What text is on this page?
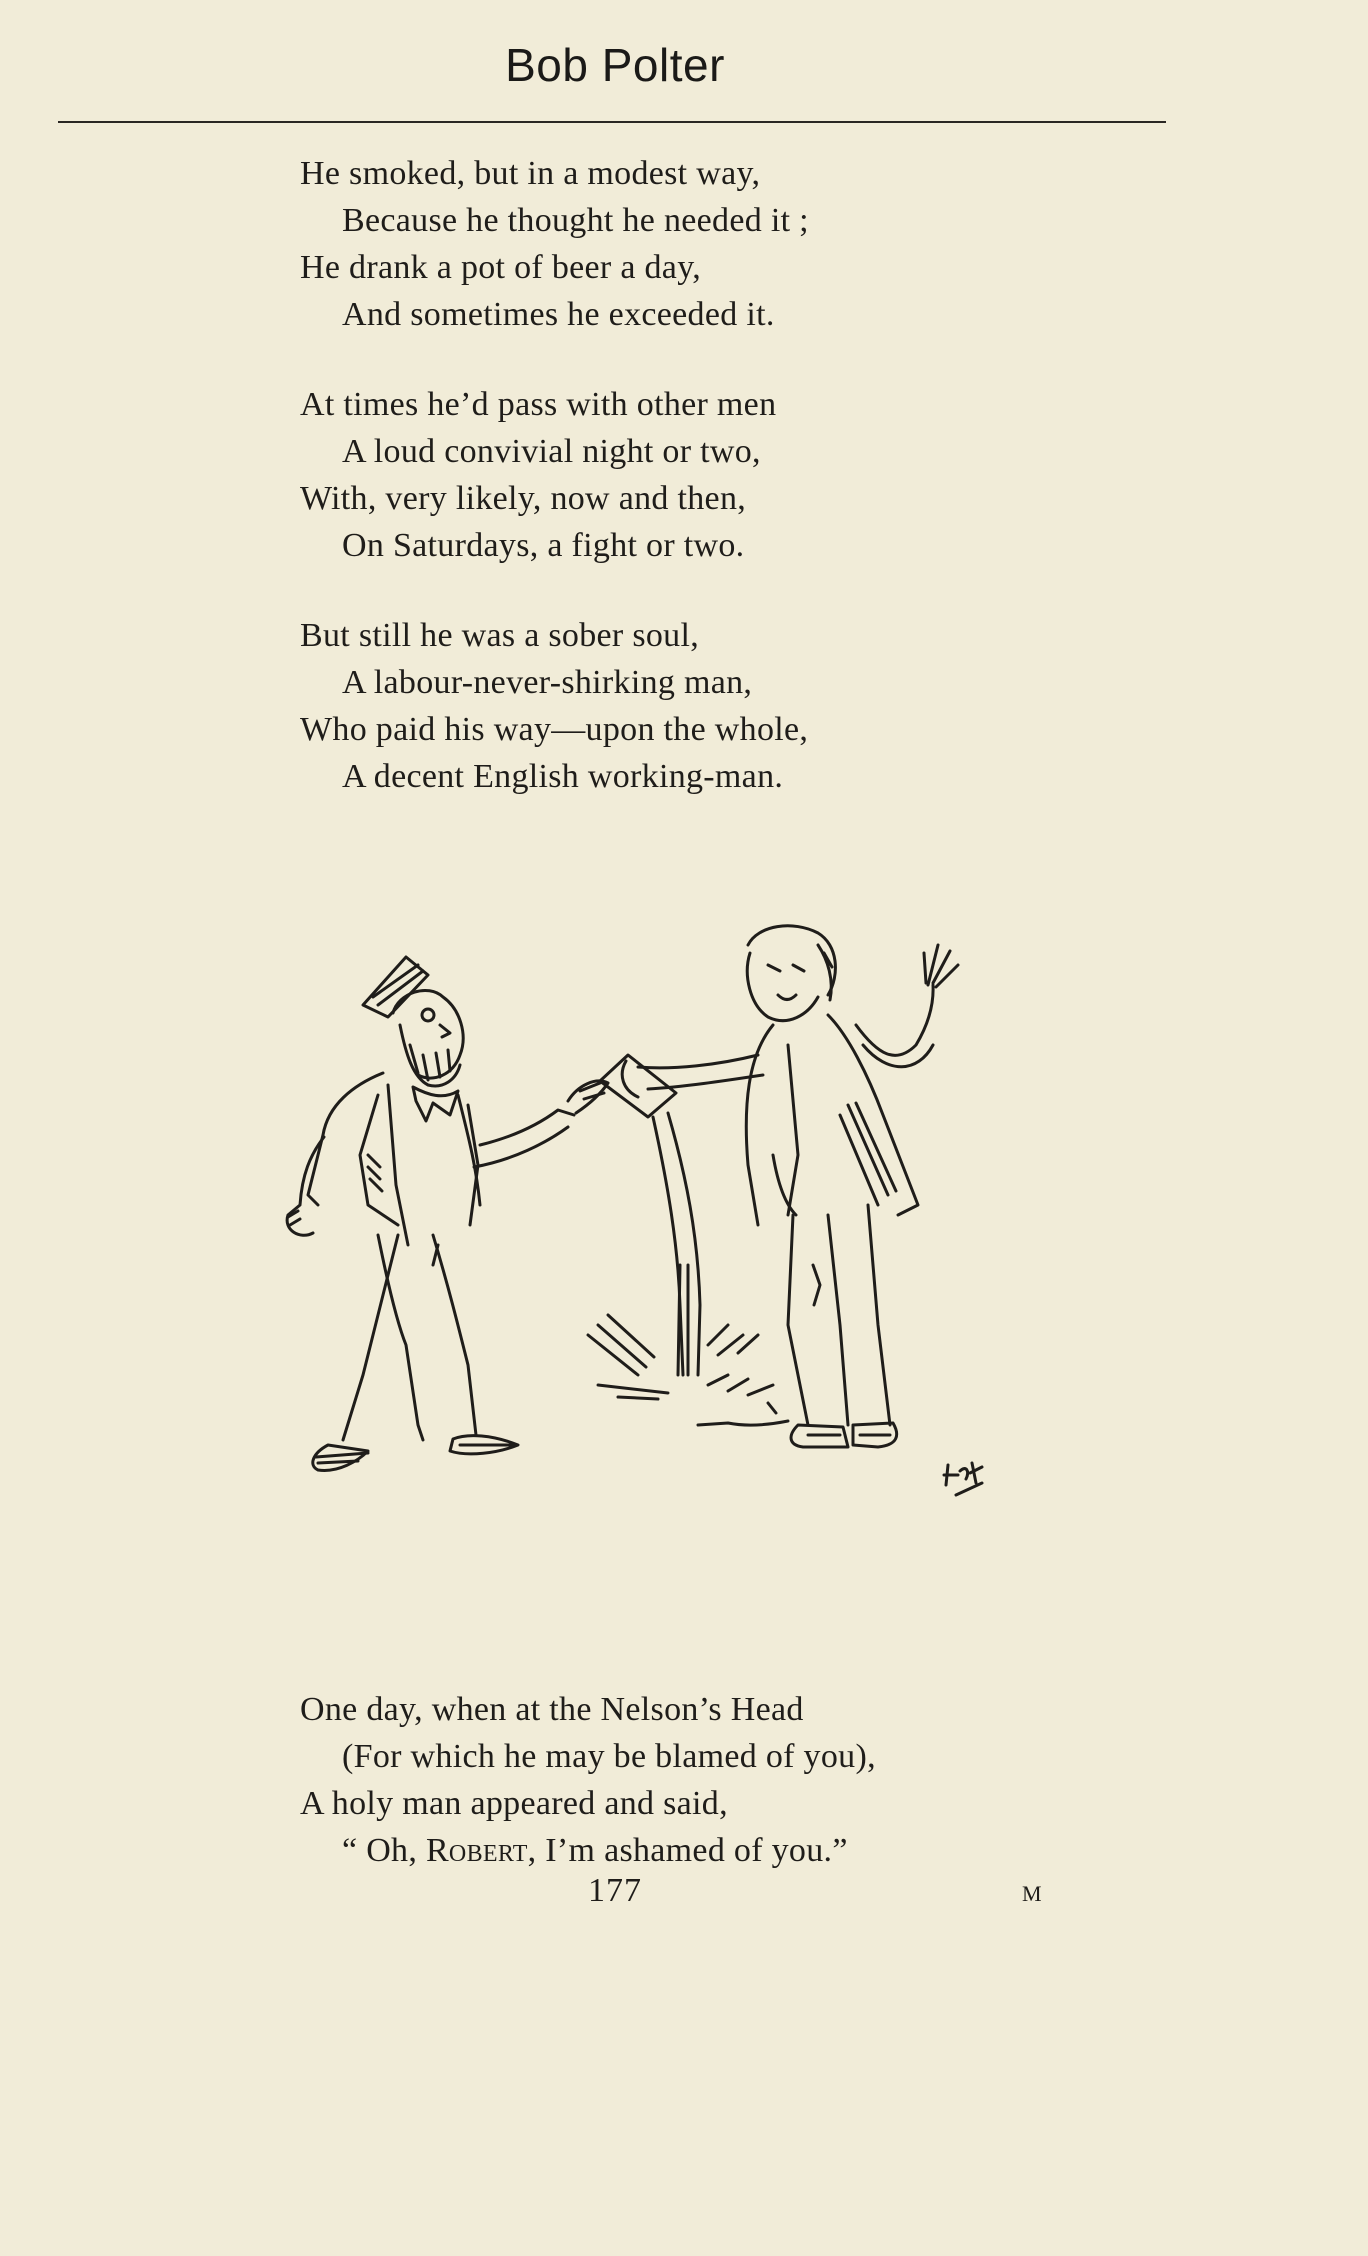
Bob Polter
He smoked, but in a modest way,
Because he thought he needed it ;
He drank a pot of beer a day,
And sometimes he exceeded it.
At times he’d pass with other men
A loud convivial night or two,
With, very likely, now and then,
On Saturdays, a fight or two.
But still he was a sober soul,
A labour-never-shirking man,
Who paid his way—upon the whole,
A decent English working-man.
One day, when at the Nelson’s Head
(For which he may be blamed of you),
A holy man appeared and said,
“ Oh, Robert, I’m ashamed of you.”
177	M
